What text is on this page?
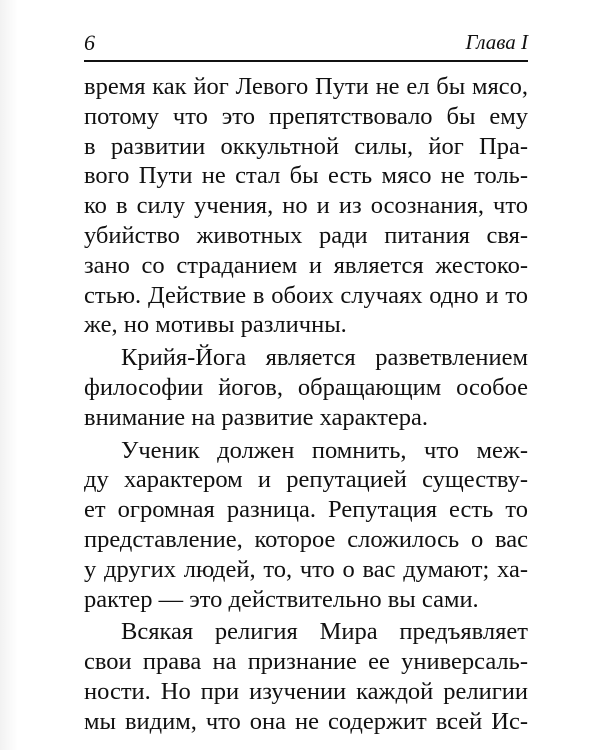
6	Глава I
время как йог Левого Пути не ел бы мясо,
потому что это препятствовало бы ему
в развитии оккультной силы, йог Пра-
вого Пути не стал бы есть мясо не толь-
ко в силу учения, но и из осознания, что
убийство животных ради питания свя-
зано со страданием и является жестоко-
стью. Действие в обоих случаях одно и то
же, но мотивы различны.
Крийя-Йога является разветвлением
философии йогов, обращающим особое
внимание на развитие характера.
Ученик должен помнить, что меж-
ду характером и репутацией существу-
ет огромная разница. Репутация есть то
представление, которое сложилось о вас
у других людей, то, что о вас думают; ха-
рактер — это действительно вы сами.
Всякая религия Мира предъявляет
свои права на признание ее универсаль-
ности. Но при изучении каждой религии
мы видим, что она не содержит всей Ис-
